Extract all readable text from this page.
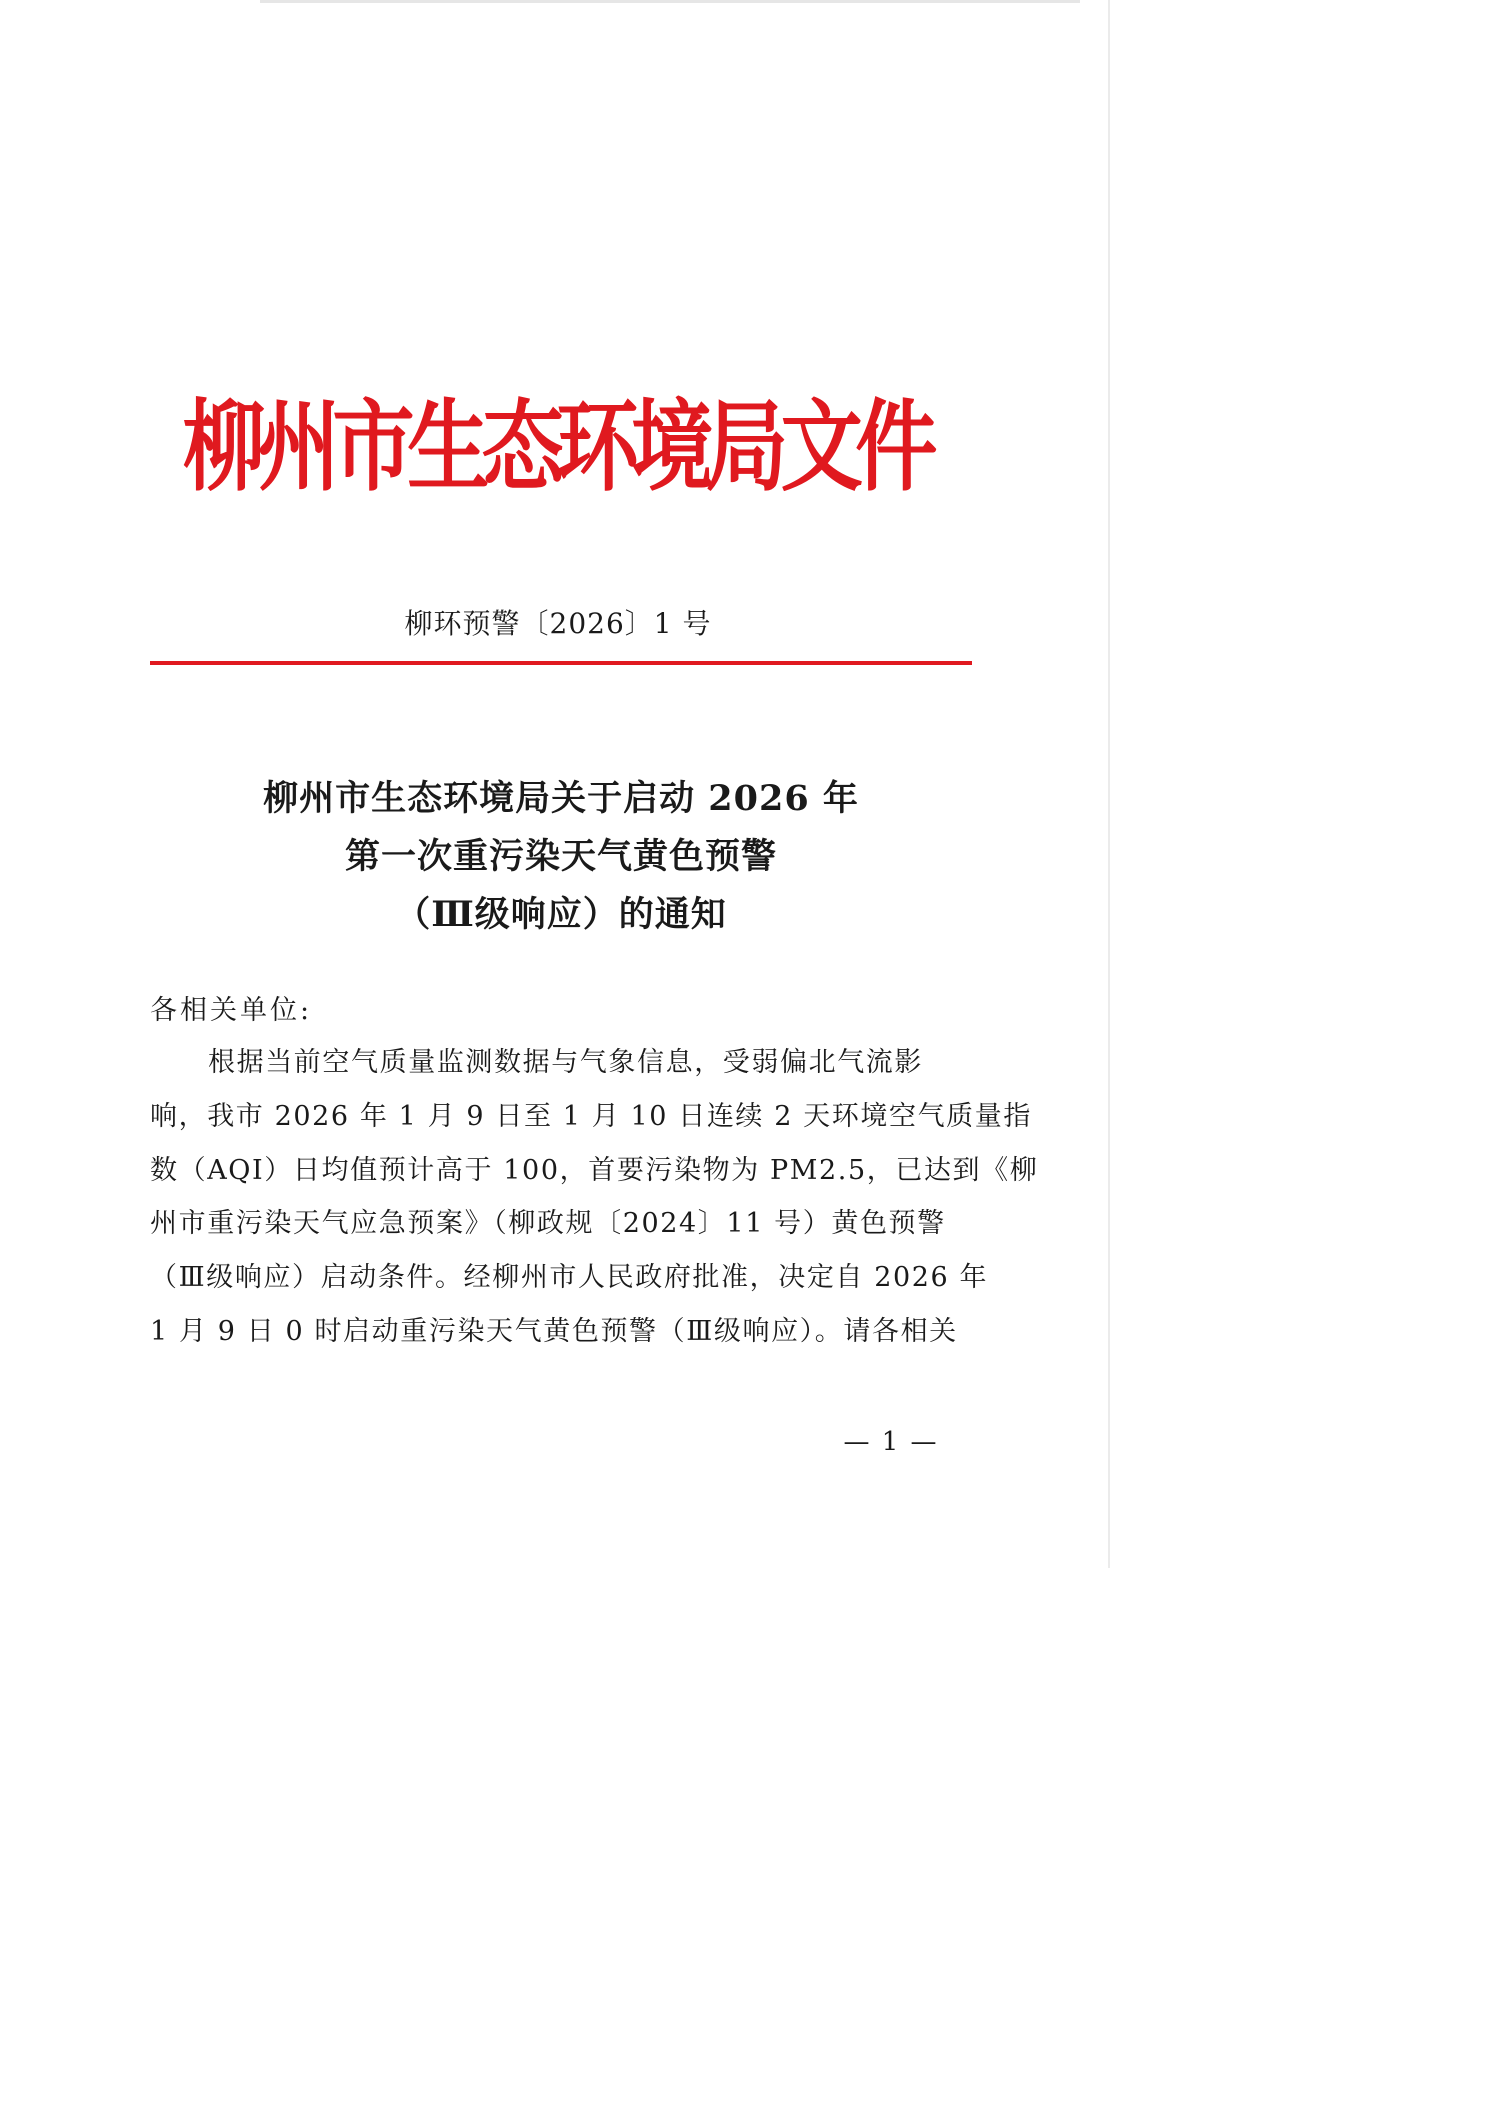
柳州市生态环境局文件
柳环预警〔2026〕1 号
柳州市生态环境局关于启动 2026 年
第一次重污染天气黄色预警
（Ⅲ级响应）的通知

各相关单位:

根据当前空气质量监测数据与气象信息，受弱偏北气流影
响，我市 2026 年 1 月 9 日至 1 月 10 日连续 2 天环境空气质量指
数（AQI）日均值预计高于 100，首要污染物为 PM2.5，已达到《柳
州市重污染天气应急预案》（柳政规〔2024〕11 号）黄色预警
（Ⅲ级响应）启动条件。经柳州市人民政府批准，决定自 2026 年
1 月 9 日 0 时启动重污染天气黄色预警（Ⅲ级响应）。请各相关

— 1 —
